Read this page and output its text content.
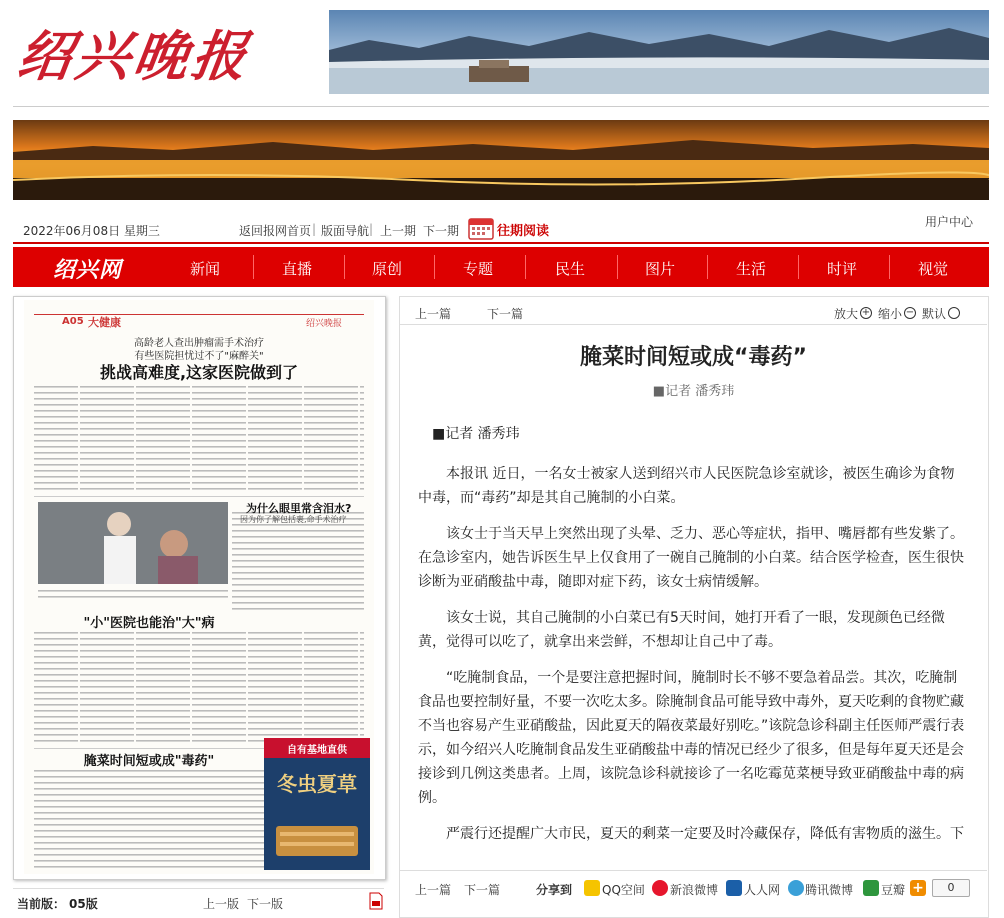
绍兴晚报
2022年06月08日 星期三	返回报网首页 | 版面导航 | 上一期 下一期	往期阅读
用户中心
绍兴网	新闻	直播	原创	专题	民生	图片	生活	时评	视觉
A05 大健康	绍兴晚报
高龄老人查出肿瘤需手术治疗
有些医院担忧过不了"麻醉关"
挑战高难度,这家医院做到了
为什么眼里常含泪水?
因为你了解包括裹,命手术治疗
"小"医院也能治"大"病
腌菜时间短或成"毒药"
自有基地直供
冬虫夏草
当前版： 05版	上一版 下一版
上一篇	下一篇	放大 + 缩小 − 默认
腌菜时间短或成“毒药”
■记者 潘秀玮

■记者 潘秀玮

本报讯 近日，一名女士被家人送到绍兴市人民医院急诊室就诊，被医生确诊为食物中毒，而“毒药”却是其自己腌制的小白菜。

该女士于当天早上突然出现了头晕、乏力、恶心等症状，指甲、嘴唇都有些发紫了。在急诊室内，她告诉医生早上仅食用了一碗自己腌制的小白菜。结合医学检查，医生很快诊断为亚硝酸盐中毒，随即对症下药，该女士病情缓解。

该女士说，其自己腌制的小白菜已有5天时间，她打开看了一眼，发现颜色已经微黄，觉得可以吃了，就拿出来尝鲜，不想却让自己中了毒。

“吃腌制食品，一个是要注意把握时间，腌制时长不够不要急着品尝。其次，吃腌制食品也要控制好量，不要一次吃太多。除腌制食品可能导致中毒外，夏天吃剩的食物贮藏不当也容易产生亚硝酸盐，因此夏天的隔夜菜最好别吃。”该院急诊科副主任医师严震行表示，如今绍兴人吃腌制食品发生亚硝酸盐中毒的情况已经少了很多，但是每年夏天还是会接诊到几例这类患者。上周，该院急诊科就接诊了一名吃霉苋菜梗导致亚硝酸盐中毒的病例。

严震行还提醒广大市民，夏天的剩菜一定要及时冷藏保存，降低有害物质的滋生。下

上一篇 下一篇	分享到 QQ空间 新浪微博 人人网 腾讯微博 豆瓣 +	0
